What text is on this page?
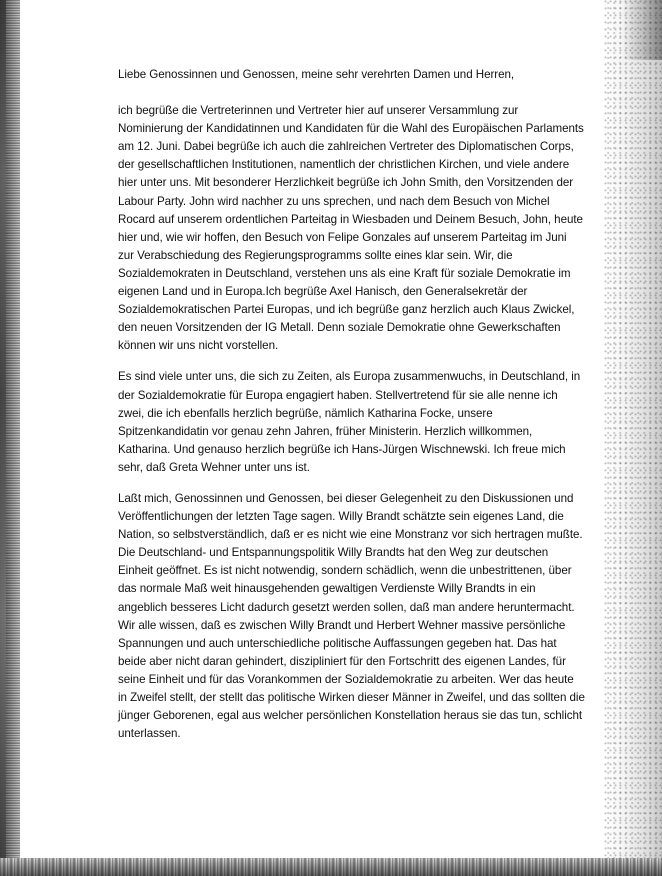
Liebe Genossinnen und Genossen, meine sehr verehrten Damen und Herren,
ich begrüße die Vertreterinnen und Vertreter hier auf unserer Versammlung zur
Nominierung der Kandidatinnen und Kandidaten für die Wahl des Europäischen Parlaments
am 12. Juni. Dabei begrüße ich auch die zahlreichen Vertreter des Diplomatischen Corps,
der gesellschaftlichen Institutionen, namentlich der christlichen Kirchen, und viele andere
hier unter uns. Mit besonderer Herzlichkeit begrüße ich John Smith, den Vorsitzenden der
Labour Party. John wird nachher zu uns sprechen, und nach dem Besuch von Michel
Rocard auf unserem ordentlichen Parteitag in Wiesbaden und Deinem Besuch, John, heute
hier und, wie wir hoffen, den Besuch von Felipe Gonzales auf unserem Parteitag im Juni
zur Verabschiedung des Regierungsprogramms sollte eines klar sein. Wir, die
Sozialdemokraten in Deutschland, verstehen uns als eine Kraft für soziale Demokratie im
eigenen Land und in Europa.Ich begrüße Axel Hanisch, den Generalsekretär der
Sozialdemokratischen Partei Europas, und ich begrüße ganz herzlich auch Klaus Zwickel,
den neuen Vorsitzenden der IG Metall. Denn soziale Demokratie ohne Gewerkschaften
können wir uns nicht vorstellen.
Es sind viele unter uns, die sich zu Zeiten, als Europa zusammenwuchs, in Deutschland, in
der Sozialdemokratie für Europa engagiert haben. Stellvertretend für sie alle nenne ich
zwei, die ich ebenfalls herzlich begrüße, nämlich Katharina Focke, unsere
Spitzenkandidatin vor genau zehn Jahren, früher Ministerin. Herzlich willkommen,
Katharina. Und genauso herzlich begrüße ich Hans-Jürgen Wischnewski. Ich freue mich
sehr, daß Greta Wehner unter uns ist.
Laßt mich, Genossinnen und Genossen, bei dieser Gelegenheit zu den Diskussionen und
Veröffentlichungen der letzten Tage sagen. Willy Brandt schätzte sein eigenes Land, die
Nation, so selbstverständlich, daß er es nicht wie eine Monstranz vor sich hertragen mußte.
Die Deutschland- und Entspannungspolitik Willy Brandts hat den Weg zur deutschen
Einheit geöffnet. Es ist nicht notwendig, sondern schädlich, wenn die unbestrittenen, über
das normale Maß weit hinausgehenden gewaltigen Verdienste Willy Brandts in ein
angeblich besseres Licht dadurch gesetzt werden sollen, daß man andere heruntermacht.
Wir alle wissen, daß es zwischen Willy Brandt und Herbert Wehner massive persönliche
Spannungen und auch unterschiedliche politische Auffassungen gegeben hat. Das hat
beide aber nicht daran gehindert, diszipliniert für den Fortschritt des eigenen Landes, für
seine Einheit und für das Vorankommen der Sozialdemokratie zu arbeiten. Wer das heute
in Zweifel stellt, der stellt das politische Wirken dieser Männer in Zweifel, und das sollten die
jünger Geborenen, egal aus welcher persönlichen Konstellation heraus sie das tun, schlicht
unterlassen.
